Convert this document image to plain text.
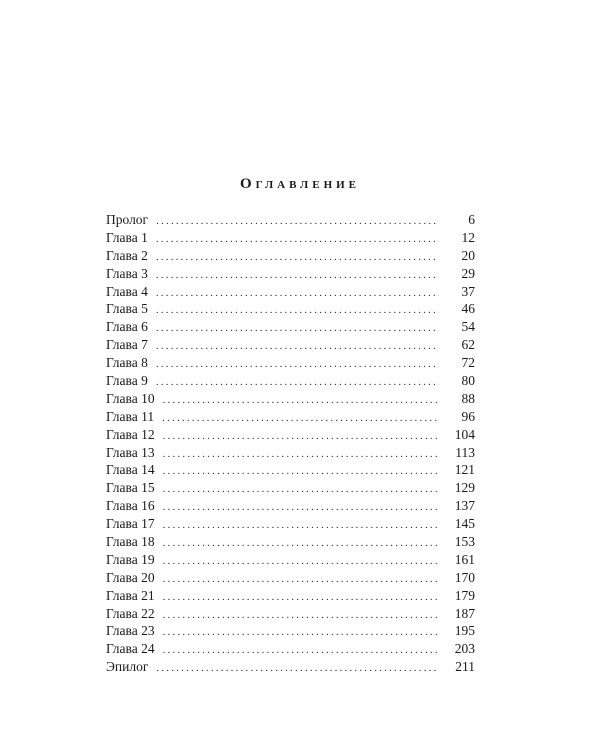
Оглавление
Пролог .....	6
Глава 1 .....	12
Глава 2 .....	20
Глава 3 .....	29
Глава 4 .....	37
Глава 5 .....	46
Глава 6 .....	54
Глава 7 .....	62
Глава 8 .....	72
Глава 9 .....	80
Глава 10 .....	88
Глава 11 .....	96
Глава 12 .....	104
Глава 13 .....	113
Глава 14 .....	121
Глава 15 .....	129
Глава 16 .....	137
Глава 17 .....	145
Глава 18 .....	153
Глава 19 .....	161
Глава 20 .....	170
Глава 21 .....	179
Глава 22 .....	187
Глава 23 .....	195
Глава 24 .....	203
Эпилог .....	211
